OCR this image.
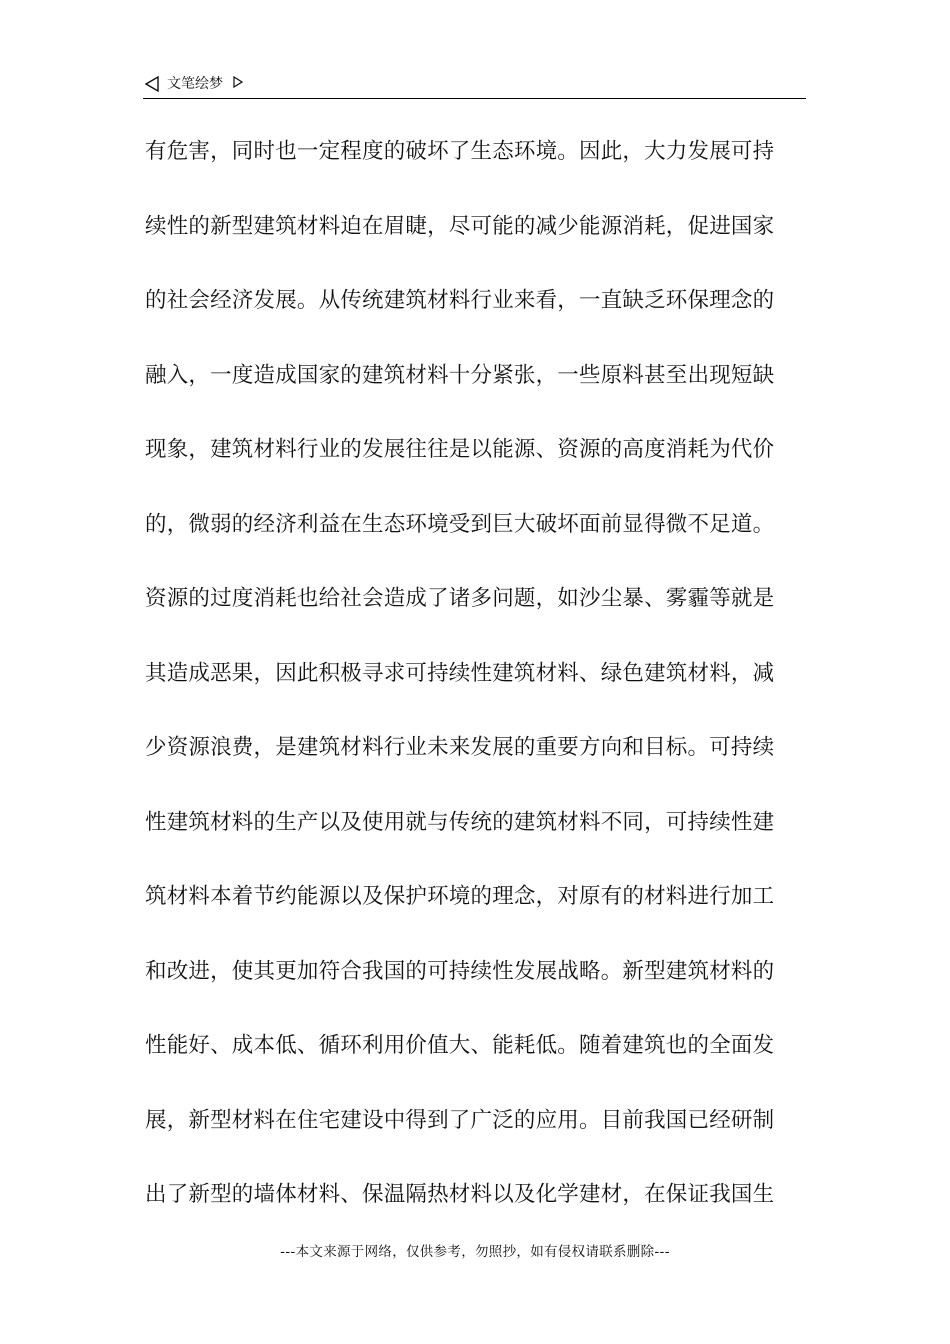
文笔绘梦
有危害，同时也一定程度的破坏了生态环境。因此，大力发展可持
续性的新型建筑材料迫在眉睫，尽可能的减少能源消耗，促进国家
的社会经济发展。从传统建筑材料行业来看，一直缺乏环保理念的
融入，一度造成国家的建筑材料十分紧张，一些原料甚至出现短缺
现象，建筑材料行业的发展往往是以能源、资源的高度消耗为代价
的，微弱的经济利益在生态环境受到巨大破坏面前显得微不足道。
资源的过度消耗也给社会造成了诸多问题，如沙尘暴、雾霾等就是
其造成恶果，因此积极寻求可持续性建筑材料、绿色建筑材料，减
少资源浪费，是建筑材料行业未来发展的重要方向和目标。可持续
性建筑材料的生产以及使用就与传统的建筑材料不同，可持续性建
筑材料本着节约能源以及保护环境的理念，对原有的材料进行加工
和改进，使其更加符合我国的可持续性发展战略。新型建筑材料的
性能好、成本低、循环利用价值大、能耗低。随着建筑也的全面发
展，新型材料在住宅建设中得到了广泛的应用。目前我国已经研制
出了新型的墙体材料、保温隔热材料以及化学建材，在保证我国生
---本文来源于网络，仅供参考，勿照抄，如有侵权请联系删除---
